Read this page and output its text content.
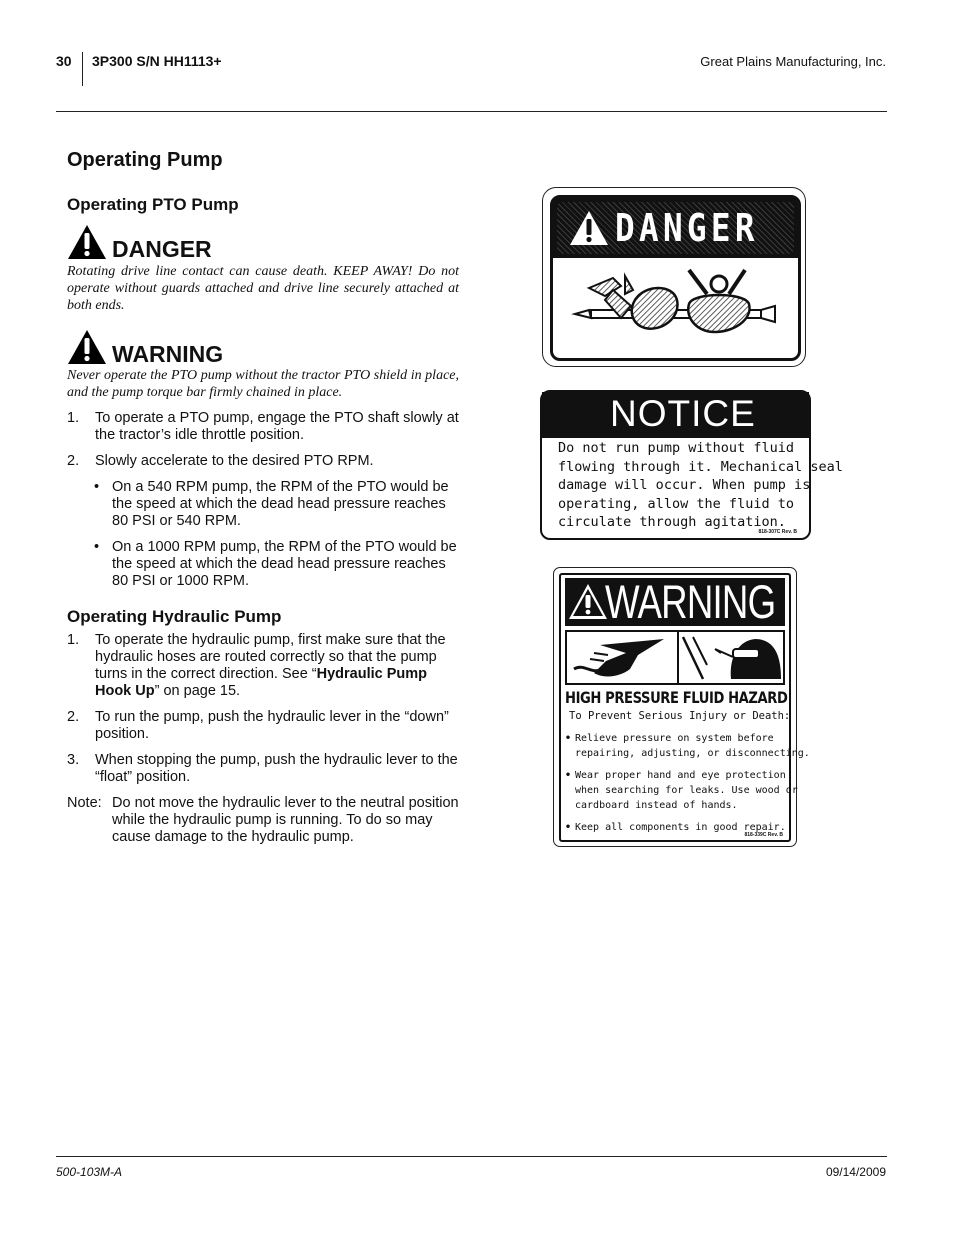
30 3P300 S/N HH1113+	Great Plains Manufacturing, Inc.
Operating Pump
Operating PTO Pump
DANGER
Rotating drive line contact can cause death. KEEP AWAY! Do not operate without guards attached and drive line securely attached at both ends.
WARNING
Never operate the PTO pump without the tractor PTO shield in place, and the pump torque bar firmly chained in place.
1.	To operate a PTO pump, engage the PTO shaft slowly at the tractor’s idle throttle position.
2.	Slowly accelerate to the desired PTO RPM.
• On a 540 RPM pump, the RPM of the PTO would be the speed at which the dead head pressure reaches 80 PSI or 540 RPM.
• On a 1000 RPM pump, the RPM of the PTO would be the speed at which the dead head pressure reaches 80 PSI or 1000 RPM.
Operating Hydraulic Pump
1.	To operate the hydraulic pump, first make sure that the hydraulic hoses are routed correctly so that the pump turns in the correct direction. See “Hydraulic Pump Hook Up” on page 15.
2.	To run the pump, push the hydraulic lever in the “down” position.
3.	When stopping the pump, push the hydraulic lever to the “float” position.
Note: Do not move the hydraulic lever to the neutral position while the hydraulic pump is running. To do so may cause damage to the hydraulic pump.
DANGER
NOTICE
Do not run pump without fluid
flowing through it. Mechanical seal
damage will occur. When pump is
operating, allow the fluid to
circulate through agitation.
818-307C Rev. B
WARNING
HIGH PRESSURE FLUID HAZARD
To Prevent Serious Injury or Death:
• Relieve pressure on system before
repairing, adjusting, or disconnecting.
• Wear proper hand and eye protection
when searching for leaks. Use wood or
cardboard instead of hands.
• Keep all components in good repair.
818-339C Rev. B
500-103M-A	09/14/2009
